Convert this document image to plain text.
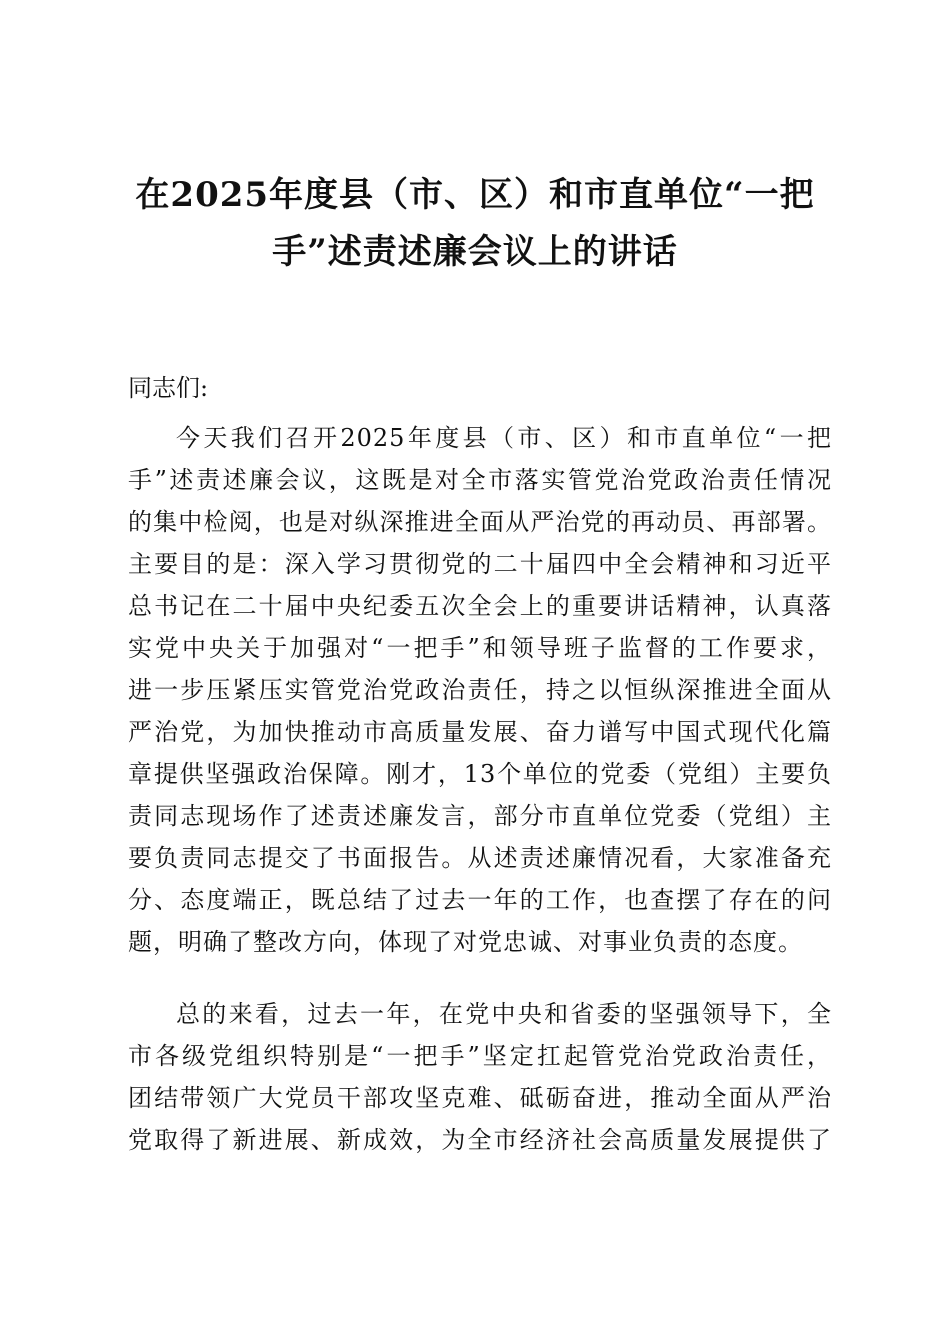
在2025年度县（市、区）和市直单位“一把
手”述责述廉会议上的讲话
同志们:
今天我们召开2025年度县（市、区）和市直单位“一把
手”述责述廉会议，这既是对全市落实管党治党政治责任情况
的集中检阅，也是对纵深推进全面从严治党的再动员、再部署。
主要目的是：深入学习贯彻党的二十届四中全会精神和习近平
总书记在二十届中央纪委五次全会上的重要讲话精神，认真落
实党中央关于加强对“一把手”和领导班子监督的工作要求，
进一步压紧压实管党治党政治责任，持之以恒纵深推进全面从
严治党，为加快推动市高质量发展、奋力谱写中国式现代化篇
章提供坚强政治保障。刚才，13个单位的党委（党组）主要负
责同志现场作了述责述廉发言，部分市直单位党委（党组）主
要负责同志提交了书面报告。从述责述廉情况看，大家准备充
分、态度端正，既总结了过去一年的工作，也查摆了存在的问
题，明确了整改方向，体现了对党忠诚、对事业负责的态度。
总的来看，过去一年，在党中央和省委的坚强领导下，全
市各级党组织特别是“一把手”坚定扛起管党治党政治责任，
团结带领广大党员干部攻坚克难、砥砺奋进，推动全面从严治
党取得了新进展、新成效，为全市经济社会高质量发展提供了
